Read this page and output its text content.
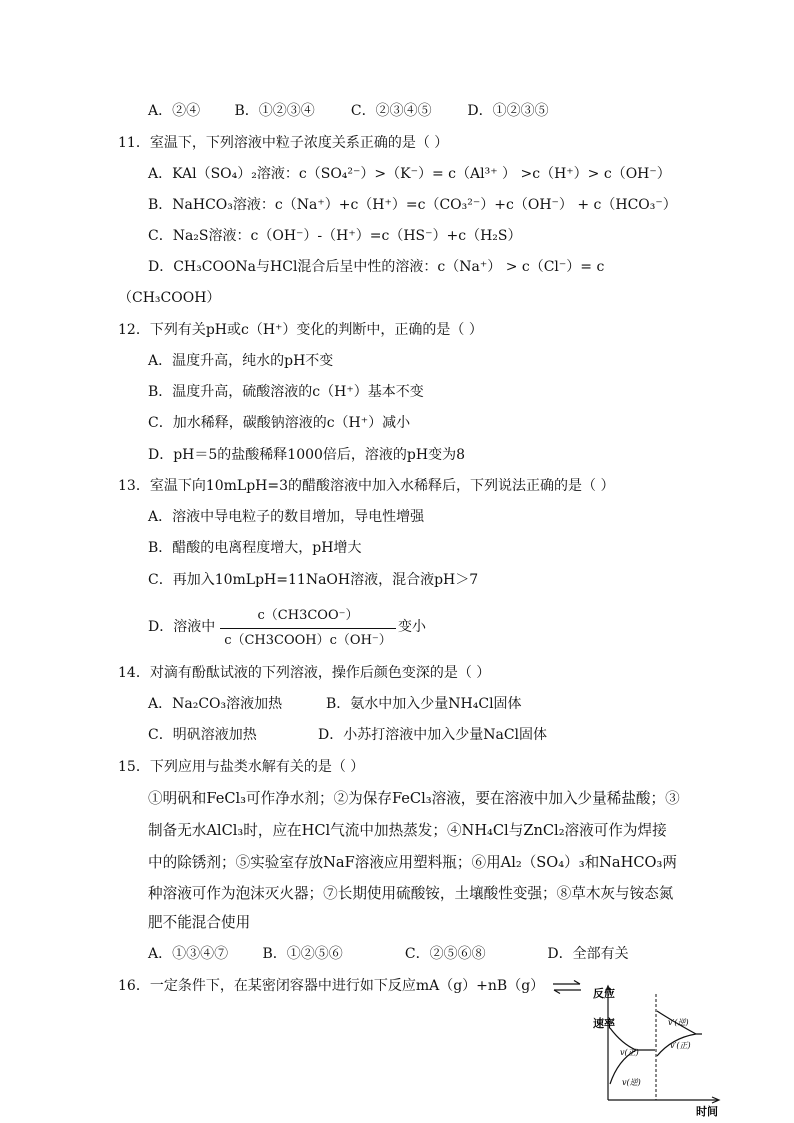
A．②④ B．①②③④	C．②③④⑤	D．①②③⑤
11．室温下，下列溶液中粒子浓度关系正确的是（ ）
A．KAl（SO₄）₂溶液：c（SO₄²⁻）>（K⁻）= c（Al³⁺ ） >c（H⁺）> c（OH⁻）
B．NaHCO₃溶液：c（Na⁺）+c（H⁺）=c（CO₃²⁻）+c（OH⁻） + c（HCO₃⁻）
C．Na₂S溶液：c（OH⁻）-（H⁺）=c（HS⁻）+c（H₂S）
D．CH₃COONa与HCl混合后呈中性的溶液：c（Na⁺） > c（Cl⁻）= c
（CH₃COOH）
12．下列有关pH或c（H⁺）变化的判断中，正确的是（ ）
A．温度升高，纯水的pH不变
B．温度升高，硫酸溶液的c（H⁺）基本不变
C．加水稀释，碳酸钠溶液的c（H⁺）减小
D．pH＝5的盐酸稀释1000倍后，溶液的pH变为8
13．室温下向10mLpH=3的醋酸溶液中加入水稀释后，下列说法正确的是（ ）
A．溶液中导电粒子的数目增加，导电性增强
B．醋酸的电离程度增大，pH增大
C．再加入10mLpH=11NaOH溶液，混合液pH＞7
D．溶液中
c（CH3COO⁻）
c（CH3COOH）c（OH⁻）
变小
14．对滴有酚酞试液的下列溶液，操作后颜色变深的是（ ）
A．Na₂CO₃溶液加热	B．氨水中加入少量NH₄Cl固体
C．明矾溶液加热	D．小苏打溶液中加入少量NaCl固体
15．下列应用与盐类水解有关的是（ ）
①明矾和FeCl₃可作净水剂；②为保存FeCl₃溶液，要在溶液中加入少量稀盐酸；③
制备无水AlCl₃时，应在HCl气流中加热蒸发；④NH₄Cl与ZnCl₂溶液可作为焊接
中的除锈剂；⑤实验室存放NaF溶液应用塑料瓶；⑥用Al₂（SO₄）₃和NaHCO₃两
种溶液可作为泡沫灭火器；⑦长期使用硫酸铵，土壤酸性变强；⑧草木灰与铵态氮
肥不能混合使用
A．①③④⑦ B．①②⑤⑥	C．②⑤⑥⑧	D．全部有关
16．一定条件下，在某密闭容器中进行如下反应mA（g）+nB（g） ⇌ 反应
速率
v(正)
v(逆)
v′(逆)
v′(正)
时间
